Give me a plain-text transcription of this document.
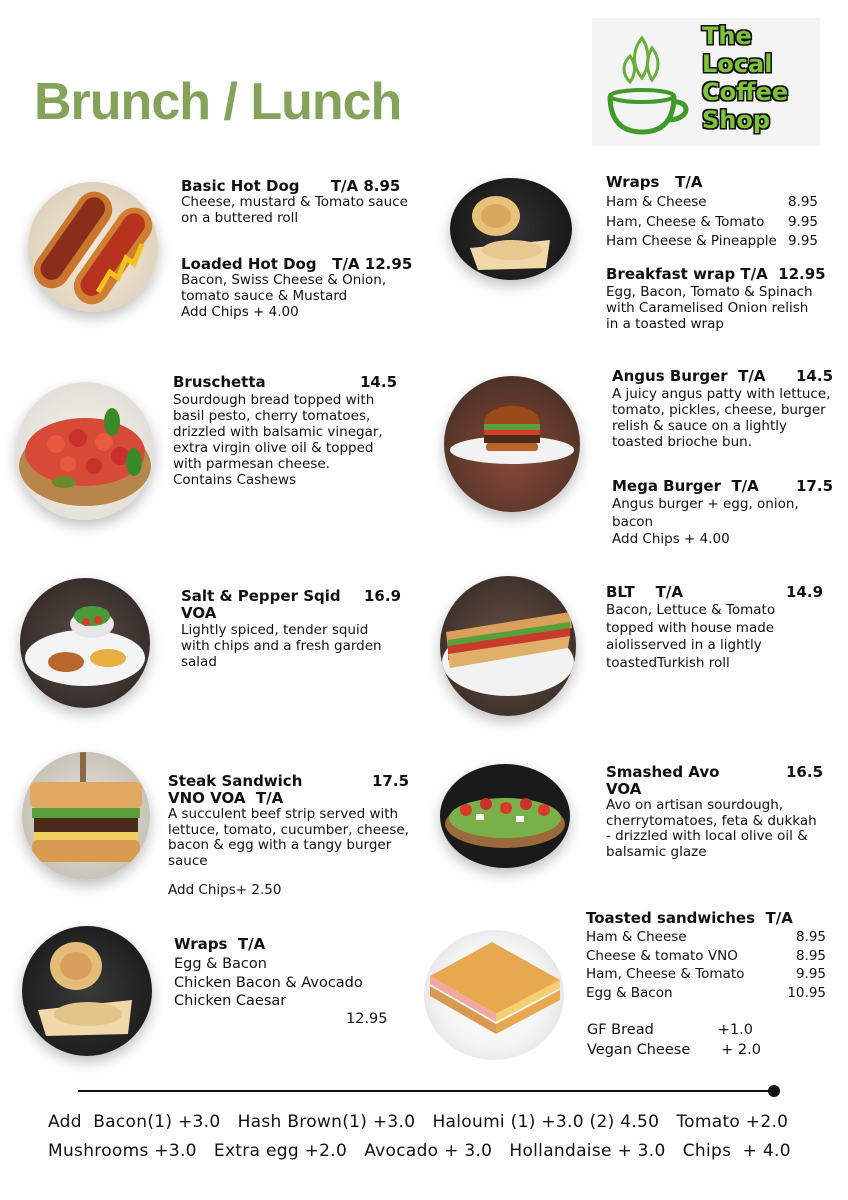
Brunch / Lunch
The
Local
Coffee
Shop
Basic Hot Dog      T/A 8.95
Cheese, mustard & Tomato sauce
on a buttered roll
Loaded Hot Dog   T/A 12.95
Bacon, Swiss Cheese & Onion,
tomato sauce & Mustard
Add Chips + 4.00
Wraps   T/A
Ham & Cheese	8.95
Ham, Cheese & Tomato 9.95
Ham Cheese & Pineapple 9.95
Breakfast wrap T/A  12.95
Egg, Bacon, Tomato & Spinach
with Caramelised Onion relish
in a toasted wrap
Bruschetta	14.5
Sourdough bread topped with
basil pesto, cherry tomatoes,
drizzled with balsamic vinegar,
extra virgin olive oil & topped
with parmesan cheese.
Contains Cashews
Angus Burger  T/A 14.5
A juicy angus patty with lettuce,
tomato, pickles, cheese, burger
relish & sauce on a lightly
toasted brioche bun.
Mega Burger  T/A 17.5
Angus burger + egg, onion,
bacon
Add Chips + 4.00
Salt & Pepper Sqid 16.9
VOA
Lightly spiced, tender squid
with chips and a fresh garden
salad
BLT    T/A	14.9
Bacon, Lettuce & Tomato
topped with house made
aiolisserved in a lightly
toastedTurkish roll
Steak Sandwich	17.5
VNO VOA  T/A
A succulent beef strip served with
lettuce, tomato, cucumber, cheese,
bacon & egg with a tangy burger
sauce
Add Chips+ 2.50
Smashed Avo	16.5
VOA
Avo on artisan sourdough,
cherrytomatoes, feta & dukkah
- drizzled with local olive oil &
balsamic glaze
Wraps  T/A
Egg & Bacon
Chicken Bacon & Avocado
Chicken Caesar
12.95
Toasted sandwiches  T/A
Ham & Cheese	8.95
Cheese & tomato VNO	8.95
Ham, Cheese & Tomato	9.95
Egg & Bacon	10.95
GF Bread	+1.0
Vegan Cheese + 2.0
Add  Bacon(1) +3.0   Hash Brown(1) +3.0   Haloumi (1) +3.0 (2) 4.50   Tomato +2.0
Mushrooms +3.0   Extra egg +2.0   Avocado + 3.0   Hollandaise + 3.0   Chips  + 4.0
